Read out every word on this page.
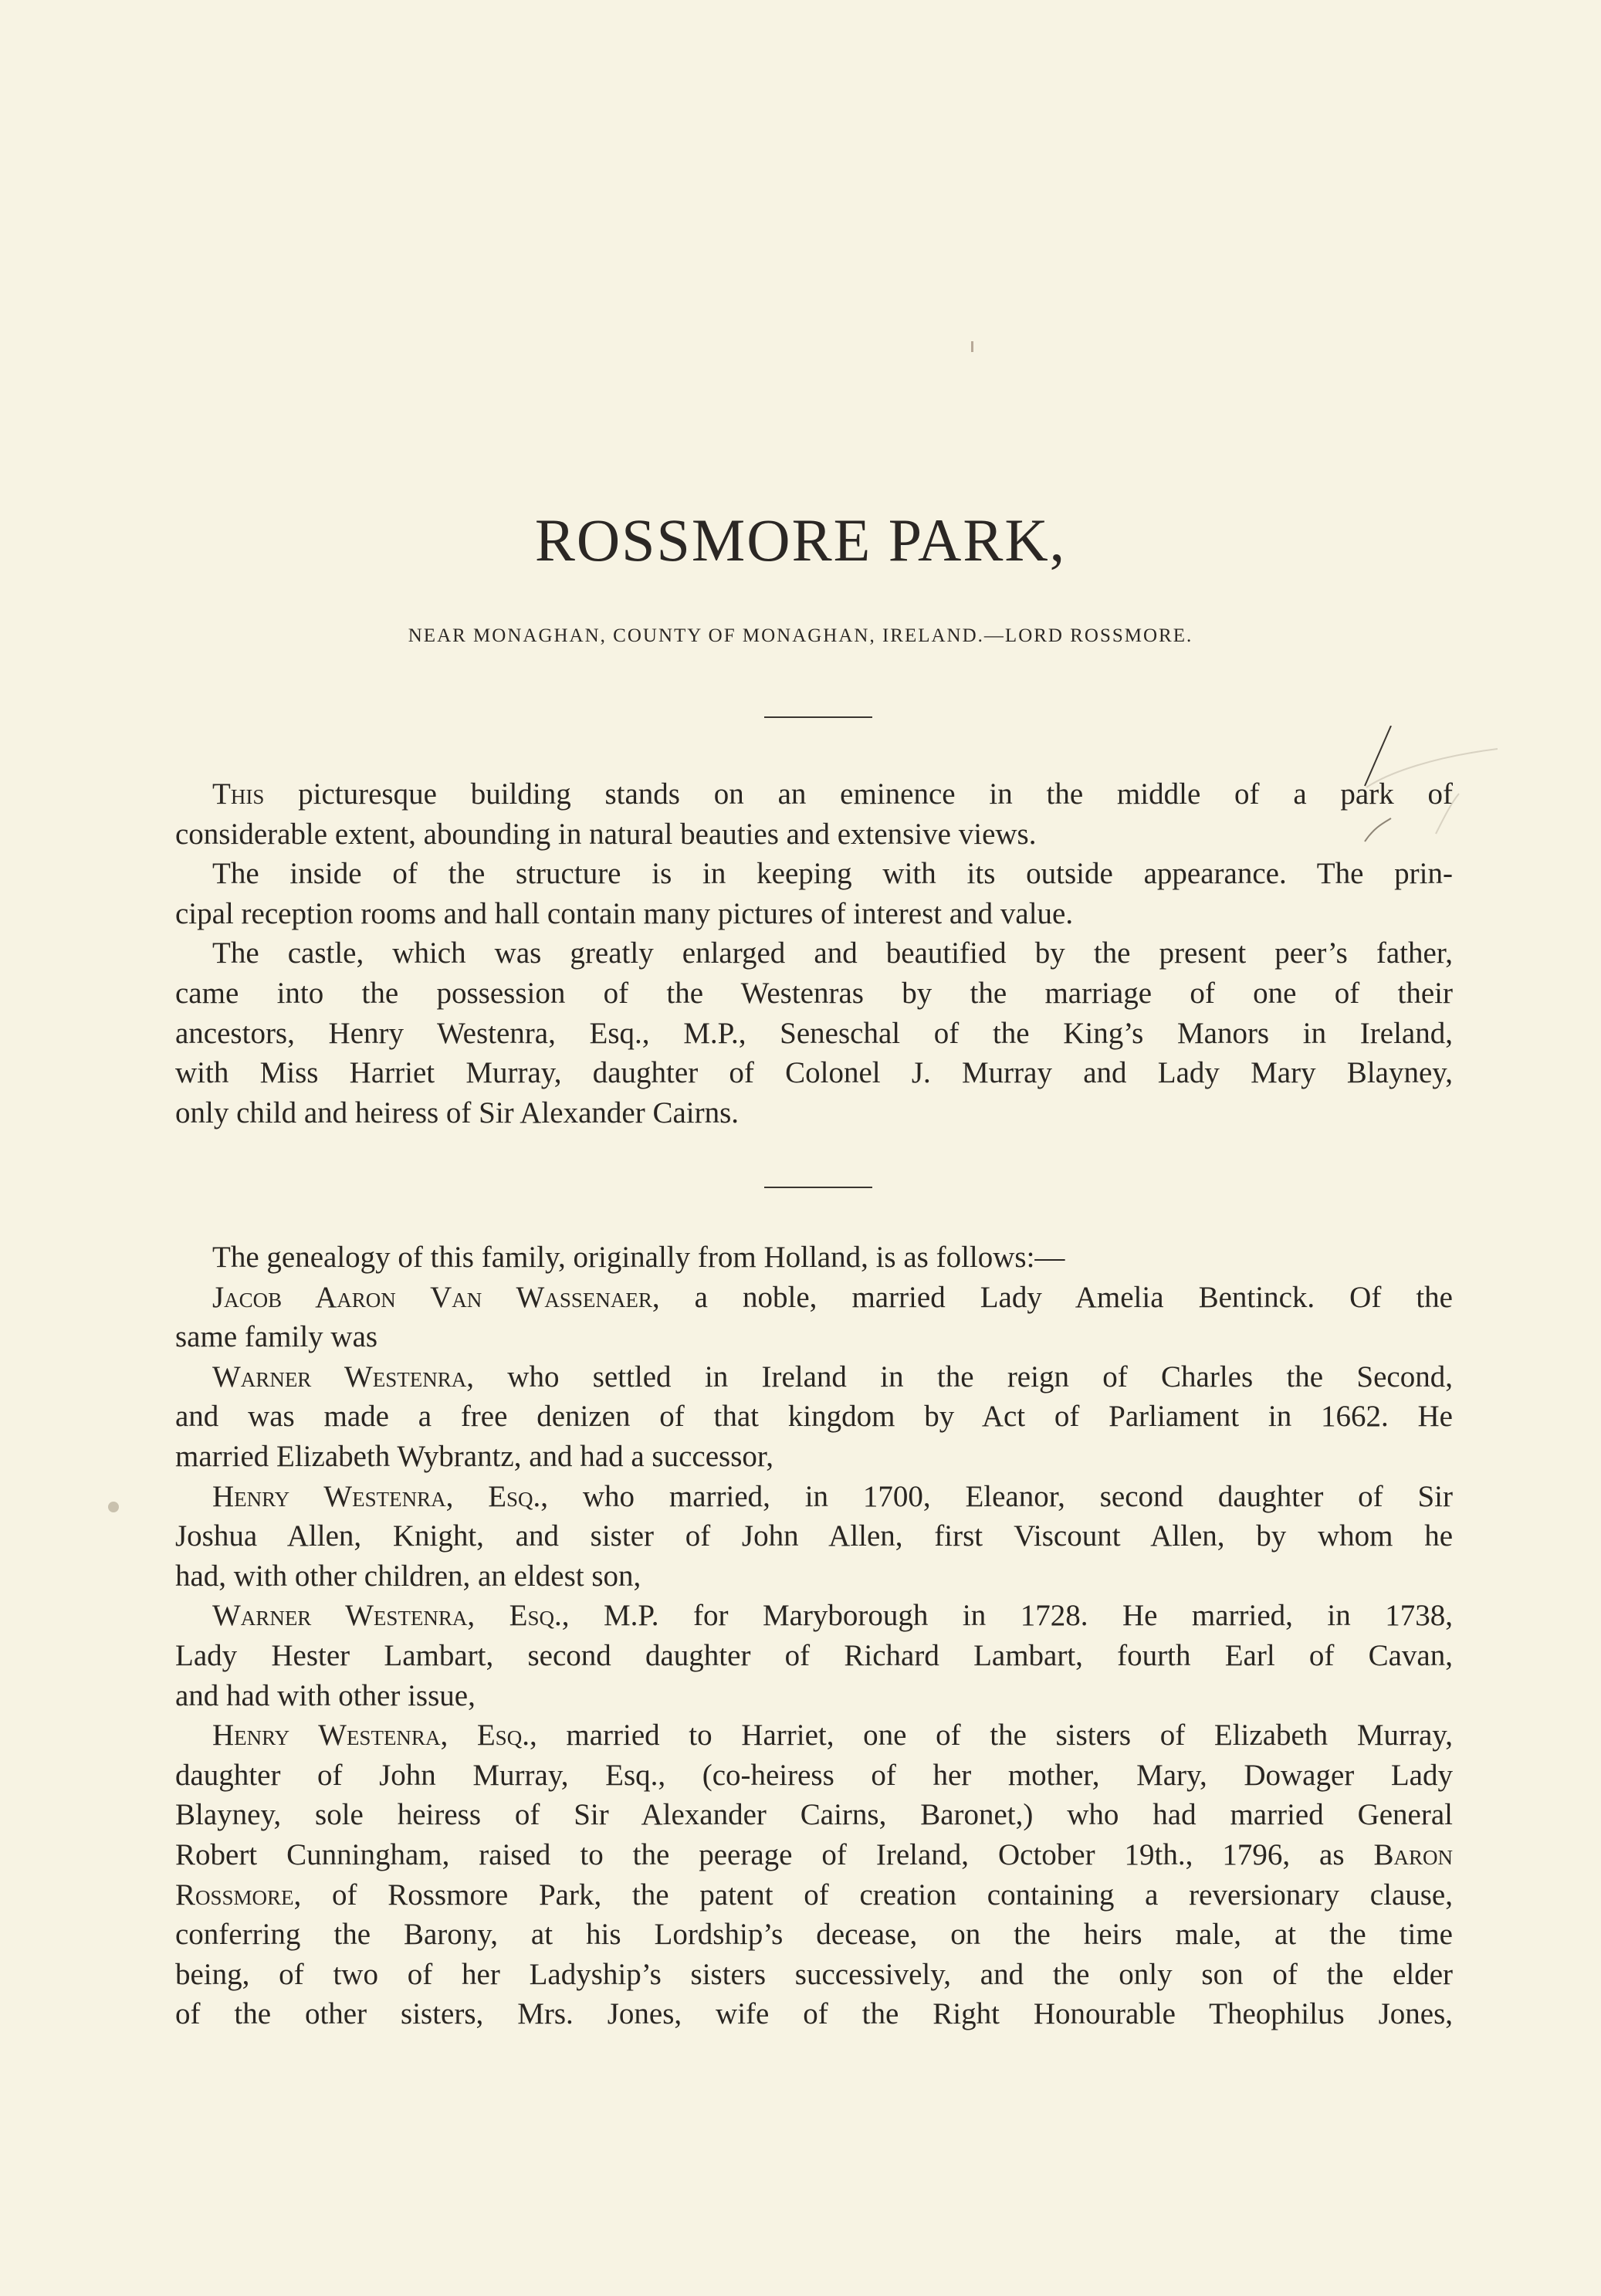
ROSSMORE PARK,
NEAR MONAGHAN, COUNTY OF MONAGHAN, IRELAND.—LORD ROSSMORE.
This picturesque building stands on an eminence in the middle of a park of
considerable extent, abounding in natural beauties and extensive views.
The inside of the structure is in keeping with its outside appearance. The prin-
cipal reception rooms and hall contain many pictures of interest and value.
The castle, which was greatly enlarged and beautified by the present peer’s father,
came into the possession of the Westenras by the marriage of one of their
ancestors, Henry Westenra, Esq., M.P., Seneschal of the King’s Manors in Ireland,
with Miss Harriet Murray, daughter of Colonel J. Murray and Lady Mary Blayney,
only child and heiress of Sir Alexander Cairns.
The genealogy of this family, originally from Holland, is as follows:—
Jacob Aaron Van Wassenaer, a noble, married Lady Amelia Bentinck. Of the
same family was
Warner Westenra, who settled in Ireland in the reign of Charles the Second,
and was made a free denizen of that kingdom by Act of Parliament in 1662. He
married Elizabeth Wybrantz, and had a successor,
Henry Westenra, Esq., who married, in 1700, Eleanor, second daughter of Sir
Joshua Allen, Knight, and sister of John Allen, first Viscount Allen, by whom he
had, with other children, an eldest son,
Warner Westenra, Esq., M.P. for Maryborough in 1728. He married, in 1738,
Lady Hester Lambart, second daughter of Richard Lambart, fourth Earl of Cavan,
and had with other issue,
Henry Westenra, Esq., married to Harriet, one of the sisters of Elizabeth Murray,
daughter of John Murray, Esq., (co-heiress of her mother, Mary, Dowager Lady
Blayney, sole heiress of Sir Alexander Cairns, Baronet,) who had married General
Robert Cunningham, raised to the peerage of Ireland, October 19th., 1796, as Baron
Rossmore, of Rossmore Park, the patent of creation containing a reversionary clause,
conferring the Barony, at his Lordship’s decease, on the heirs male, at the time
being, of two of her Ladyship’s sisters successively, and the only son of the elder
of the other sisters, Mrs. Jones, wife of the Right Honourable Theophilus Jones,
